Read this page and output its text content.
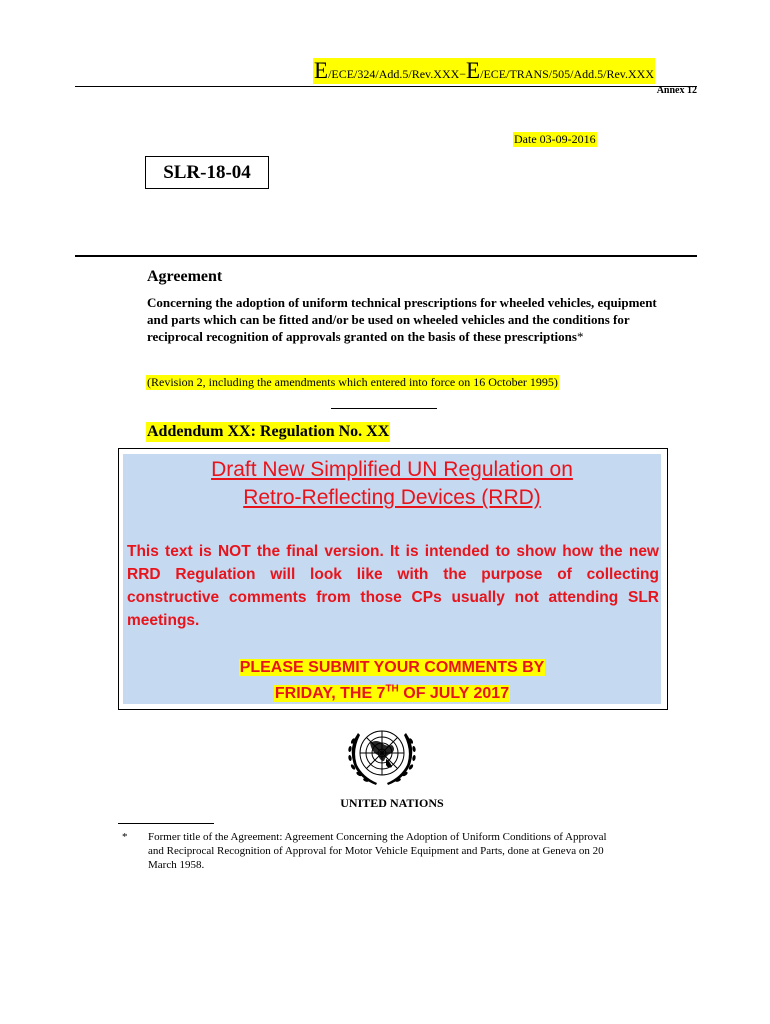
E/ECE/324/Add.5/Rev.XXX−E/ECE/TRANS/505/Add.5/Rev.XXX
Annex 12
Date 03-09-2016
SLR-18-04
Agreement
Concerning the adoption of uniform technical prescriptions for wheeled vehicles, equipment and parts which can be fitted and/or be used on wheeled vehicles and the conditions for reciprocal recognition of approvals granted on the basis of these prescriptions*
(Revision 2, including the amendments which entered into force on 16 October 1995)
Addendum XX: Regulation No. XX
Draft New Simplified UN Regulation on
Retro-Reflecting Devices (RRD)
This text is NOT the final version. It is intended to show how the new RRD Regulation will look like with the purpose of collecting constructive comments from those CPs usually not attending SLR meetings.
PLEASE SUBMIT YOUR COMMENTS BY
FRIDAY, THE 7TH OF JULY 2017
UNITED NATIONS
* Former title of the Agreement: Agreement Concerning the Adoption of Uniform Conditions of Approval and Reciprocal Recognition of Approval for Motor Vehicle Equipment and Parts, done at Geneva on 20 March 1958.
